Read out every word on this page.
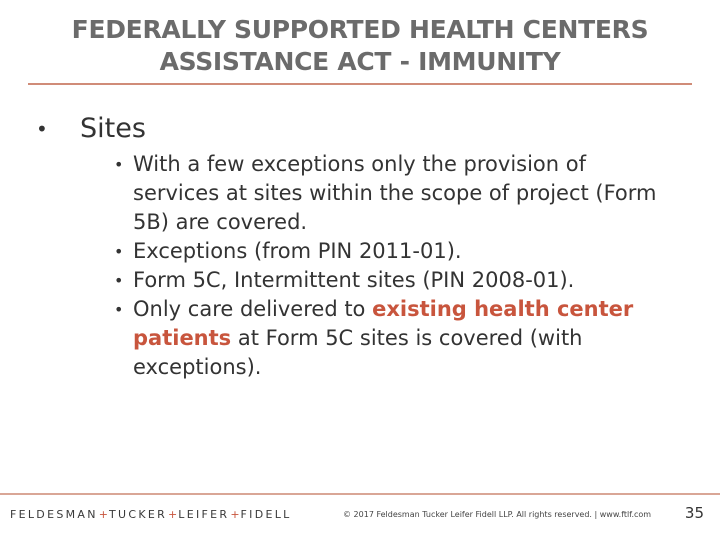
FEDERALLY SUPPORTED HEALTH CENTERS
ASSISTANCE ACT - IMMUNITY
• Sites
• With a few exceptions only the provision of services at sites within the scope of project (Form 5B) are covered.
• Exceptions (from PIN 2011-01).
• Form 5C, Intermittent sites (PIN 2008-01).
• Only care delivered to existing health center patients at Form 5C sites is covered (with exceptions).
FELDESMAN+TUCKER+LEIFER+FIDELL	© 2017 Feldesman Tucker Leifer Fidell LLP. All rights reserved. | www.ftlf.com 35
